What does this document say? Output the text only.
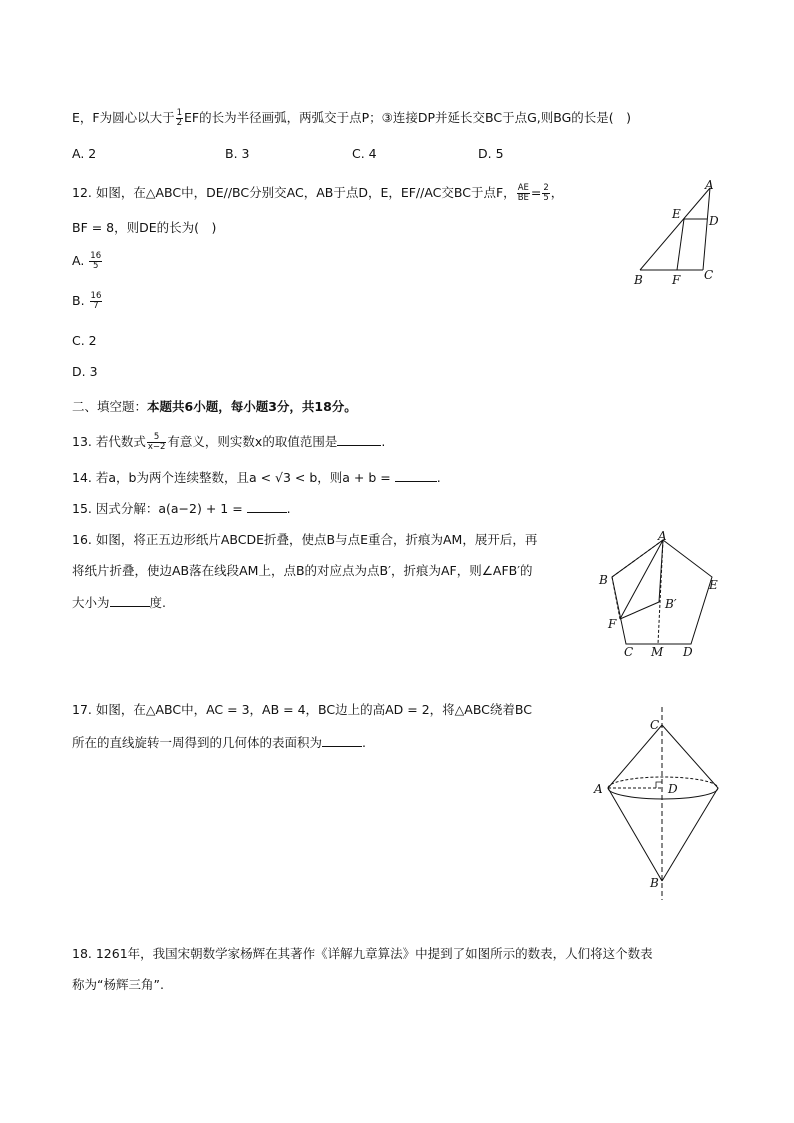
E，F为圆心以大于 $\frac{1}{2}$ EF的长为半径画弧，两弧交于点P；③连接DP并延长交BC于点G,则BG的长是(　)
A. 2	B. 3	C. 4	D. 5
12. 如图，在△ABC中，DE//BC分别交AC，AB于点D，E，EF//AC交BC于点F， $\frac{AE}{BE} = \frac{2}{5}$ ，
BF = 8，则DE的长为(　)
A. $\frac{16}{5}$
B. $\frac{16}{7}$
C. 2
D. 3
A
E D
B F C
二、填空题：本题共6小题，每小题3分，共18分。
13. 若代数式 $\frac{5}{x-2}$ 有意义，则实数x的取值范围是	.
14. 若a，b为两个连续整数，且a < √3 < b，则a + b =	.
15. 因式分解：a(a−2) + 1 =	.
16. 如图，将正五边形纸片ABCDE折叠，使点B与点E重合，折痕为AM，展开后，再
将纸片折叠，使边AB落在线段AM上，点B的对应点为点B′，折痕为AF，则∠AFB′的
大小为	度.
A
B
B′
E
F
C M D
17. 如图，在△ABC中，AC = 3，AB = 4，BC边上的高AD = 2，将△ABC绕着BC
所在的直线旋转一周得到的几何体的表面积为	.
C
A	D
B
18. 1261年，我国宋朝数学家杨辉在其著作《详解九章算法》中提到了如图所示的数表，人们将这个数表
称为“杨辉三角”.
